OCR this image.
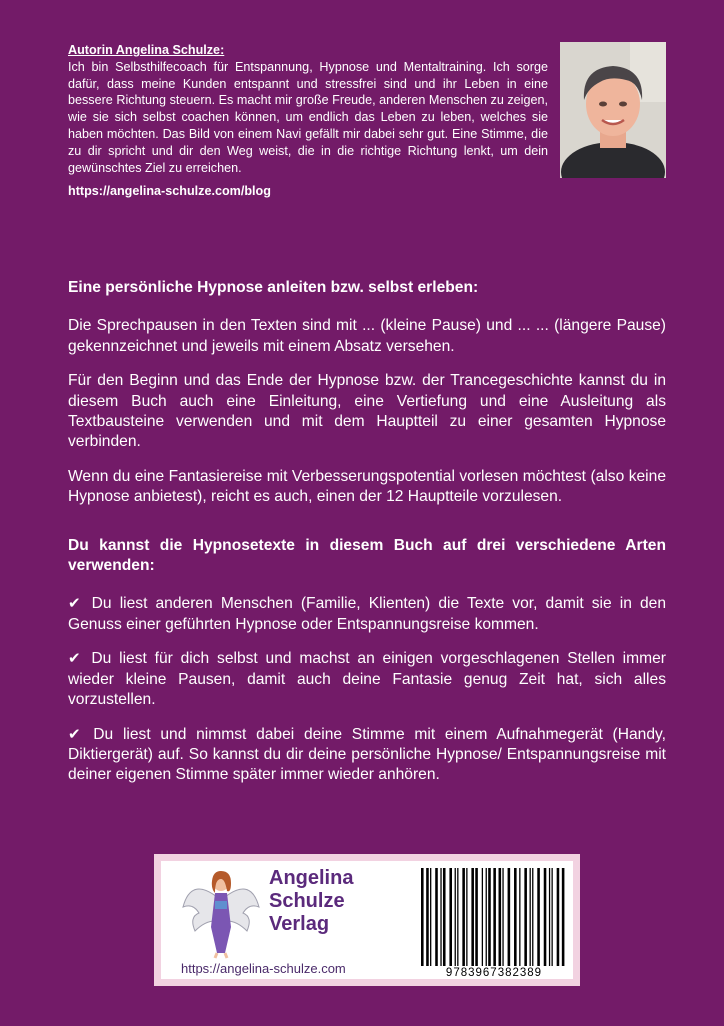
Autorin Angelina Schulze:
Ich bin Selbsthilfecoach für Entspannung, Hypnose und Mentaltraining. Ich sorge dafür, dass meine Kunden entspannt und stressfrei sind und ihr Leben in eine bessere Richtung steuern. Es macht mir große Freude, anderen Menschen zu zeigen, wie sie sich selbst coachen können, um endlich das Leben zu leben, welches sie haben möchten. Das Bild von einem Navi gefällt mir dabei sehr gut. Eine Stimme, die zu dir spricht und dir den Weg weist, die in die richtige Richtung lenkt, um dein gewünschtes Ziel zu erreichen.
https://angelina-schulze.com/blog
Eine persönliche Hypnose anleiten bzw. selbst erleben:

Die Sprechpausen in den Texten sind mit ... (kleine Pause) und ... ... (längere Pause) gekennzeichnet und jeweils mit einem Absatz versehen.

Für den Beginn und das Ende der Hypnose bzw. der Trancegeschichte kannst du in diesem Buch auch eine Einleitung, eine Vertiefung und eine Ausleitung als Textbausteine verwenden und mit dem Hauptteil zu einer gesamten Hypnose verbinden.

Wenn du eine Fantasiereise mit Verbesserungspotential vorlesen möchtest (also keine Hypnose anbietest), reicht es auch, einen der 12 Hauptteile vorzulesen.

Du kannst die Hypnosetexte in diesem Buch auf drei verschiedene Arten verwenden:

✔ Du liest anderen Menschen (Familie, Klienten) die Texte vor, damit sie in den Genuss einer geführten Hypnose oder Entspannungsreise kommen.

✔ Du liest für dich selbst und machst an einigen vorgeschlagenen Stellen immer wieder kleine Pausen, damit auch deine Fantasie genug Zeit hat, sich alles vorzustellen.

✔ Du liest und nimmst dabei deine Stimme mit einem Aufnahmegerät (Handy, Diktiergerät) auf. So kannst du dir deine persönliche Hypnose/ Entspannungsreise mit deiner eigenen Stimme später immer wieder anhören.

Angelina
Schulze
Verlag
https://angelina-schulze.com	9783967382389
